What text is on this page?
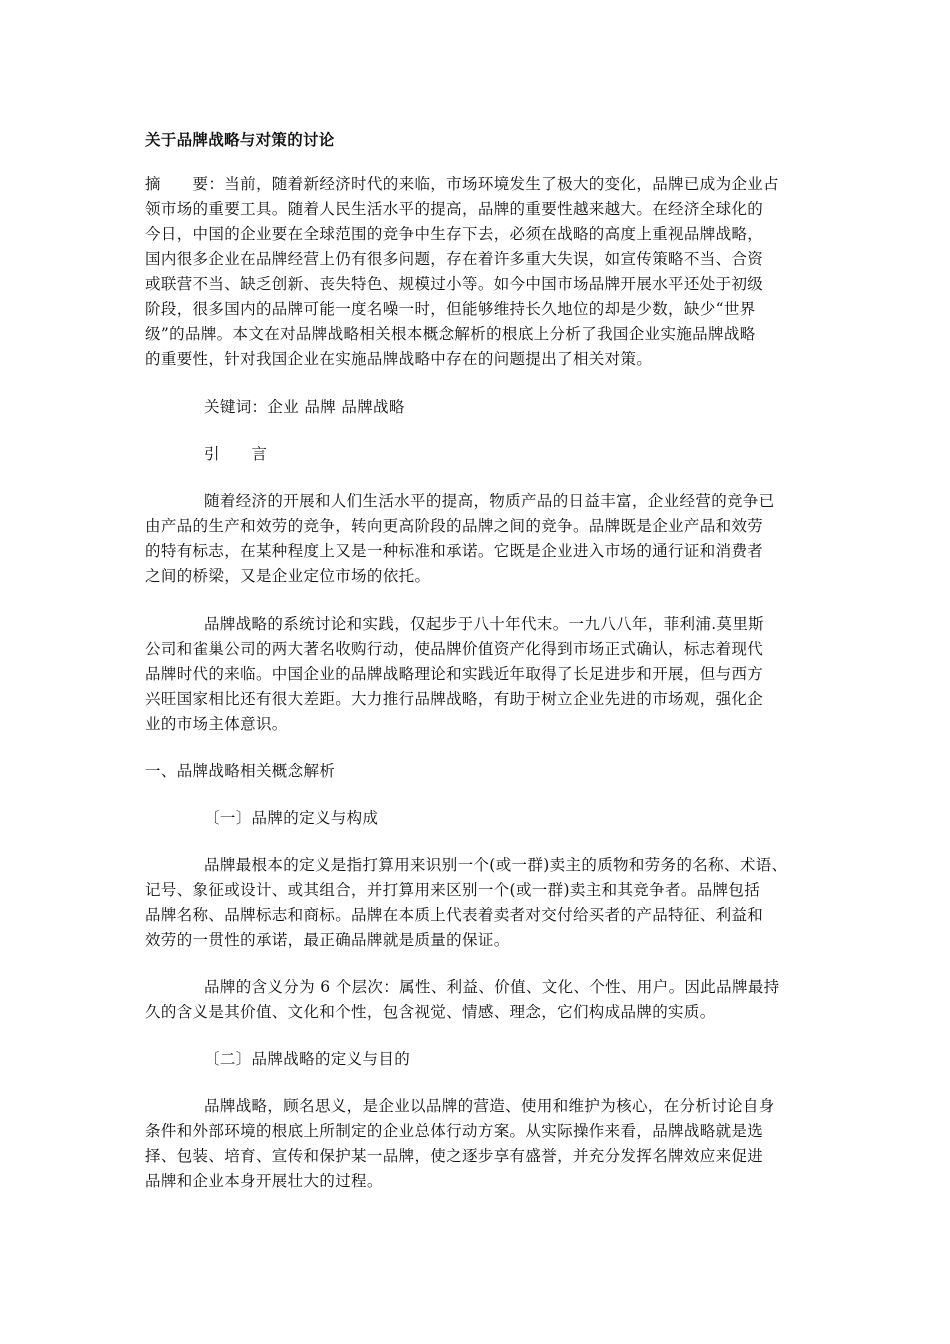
关于品牌战略与对策的讨论
摘　　要：当前，随着新经济时代的来临，市场环境发生了极大的变化，品牌已成为企业占
领市场的重要工具。随着人民生活水平的提高，品牌的重要性越来越大。在经济全球化的
今日，中国的企业要在全球范围的竞争中生存下去，必须在战略的高度上重视品牌战略，
国内很多企业在品牌经营上仍有很多问题，存在着许多重大失误，如宣传策略不当、合资
或联营不当、缺乏创新、丧失特色、规模过小等。如今中国市场品牌开展水平还处于初级
阶段，很多国内的品牌可能一度名噪一时，但能够维持长久地位的却是少数，缺少“世界
级”的品牌。本文在对品牌战略相关根本概念解析的根底上分析了我国企业实施品牌战略
的重要性，针对我国企业在实施品牌战略中存在的问题提出了相关对策。
关键词：企业 品牌 品牌战略
引　　言
随着经济的开展和人们生活水平的提高，物质产品的日益丰富，企业经营的竞争已
由产品的生产和效劳的竞争，转向更高阶段的品牌之间的竞争。品牌既是企业产品和效劳
的特有标志，在某种程度上又是一种标准和承诺。它既是企业进入市场的通行证和消费者
之间的桥梁，又是企业定位市场的依托。
品牌战略的系统讨论和实践，仅起步于八十年代末。一九八八年，菲利浦.莫里斯
公司和雀巢公司的两大著名收购行动，使品牌价值资产化得到市场正式确认，标志着现代
品牌时代的来临。中国企业的品牌战略理论和实践近年取得了长足进步和开展，但与西方
兴旺国家相比还有很大差距。大力推行品牌战略，有助于树立企业先进的市场观，强化企
业的市场主体意识。
一、品牌战略相关概念解析
〔一〕品牌的定义与构成
品牌最根本的定义是指打算用来识别一个(或一群)卖主的质物和劳务的名称、术语、
记号、象征或设计、或其组合，并打算用来区别一个(或一群)卖主和其竞争者。品牌包括
品牌名称、品牌标志和商标。品牌在本质上代表着卖者对交付给买者的产品特征、利益和
效劳的一贯性的承诺，最正确品牌就是质量的保证。
品牌的含义分为 6 个层次：属性、利益、价值、文化、个性、用户。因此品牌最持
久的含义是其价值、文化和个性，包含视觉、情感、理念，它们构成品牌的实质。
〔二〕品牌战略的定义与目的
品牌战略，顾名思义，是企业以品牌的营造、使用和维护为核心，在分析讨论自身
条件和外部环境的根底上所制定的企业总体行动方案。从实际操作来看，品牌战略就是选
择、包装、培育、宣传和保护某一品牌，使之逐步享有盛誉，并充分发挥名牌效应来促进
品牌和企业本身开展壮大的过程。
